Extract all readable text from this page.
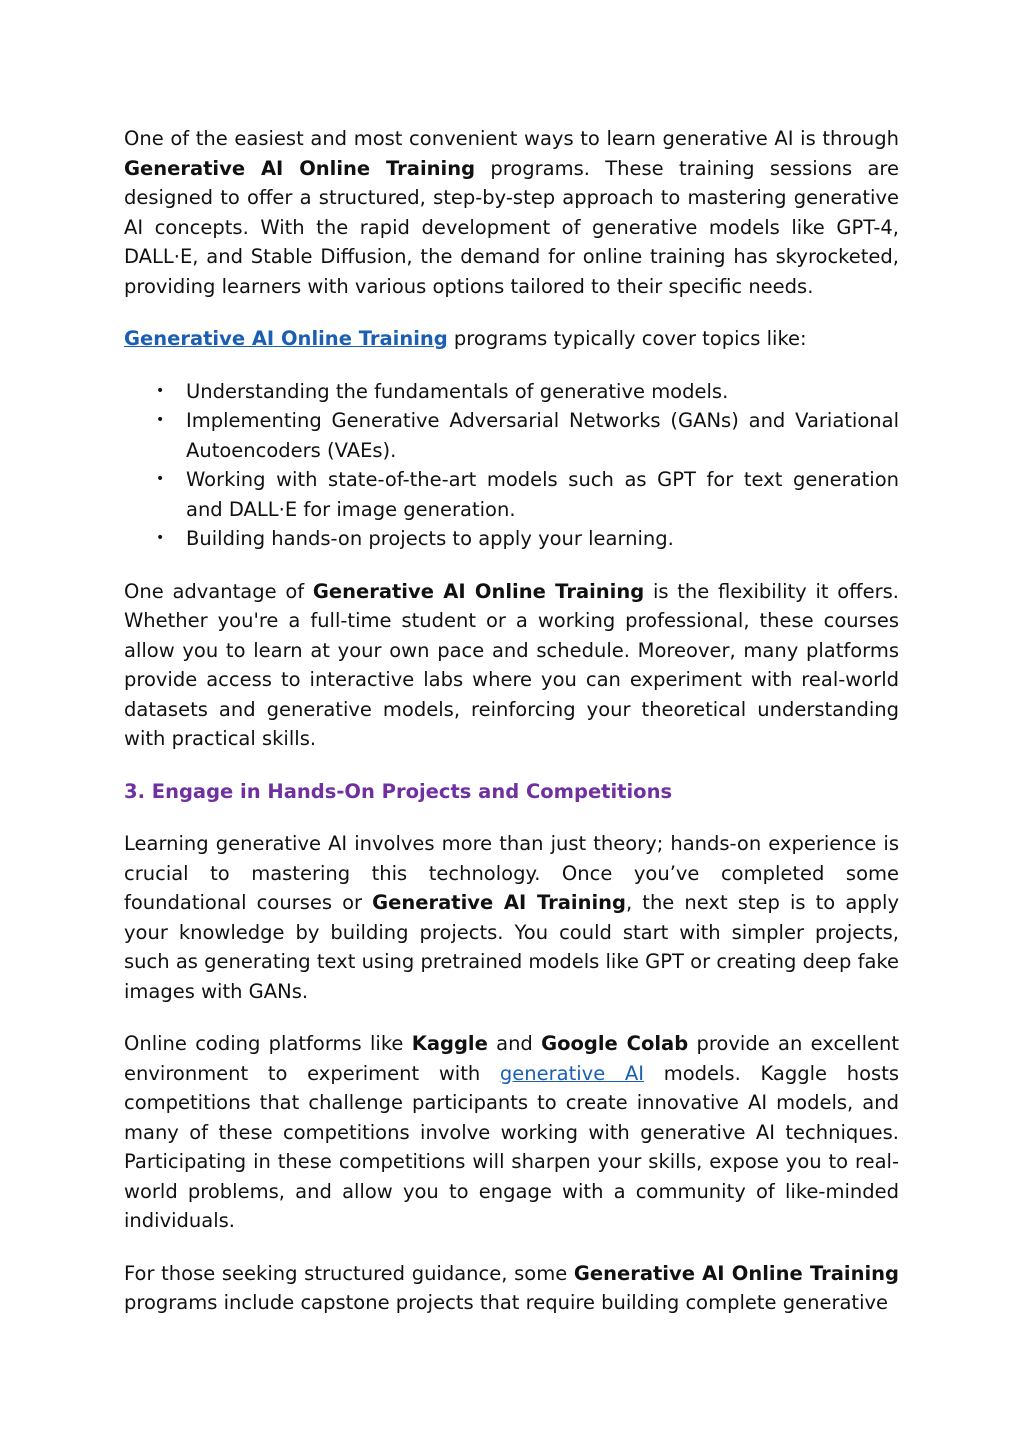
One of the easiest and most convenient ways to learn generative AI is through Generative AI Online Training programs. These training sessions are designed to offer a structured, step-by-step approach to mastering generative AI concepts. With the rapid development of generative models like GPT-4, DALL·E, and Stable Diffusion, the demand for online training has skyrocketed, providing learners with various options tailored to their specific needs.

Generative AI Online Training programs typically cover topics like:

• Understanding the fundamentals of generative models.
• Implementing Generative Adversarial Networks (GANs) and Variational Autoencoders (VAEs).
• Working with state-of-the-art models such as GPT for text generation and DALL·E for image generation.
• Building hands-on projects to apply your learning.

One advantage of Generative AI Online Training is the flexibility it offers. Whether you're a full-time student or a working professional, these courses allow you to learn at your own pace and schedule. Moreover, many platforms provide access to interactive labs where you can experiment with real-world datasets and generative models, reinforcing your theoretical understanding with practical skills.

3. Engage in Hands-On Projects and Competitions

Learning generative AI involves more than just theory; hands-on experience is crucial to mastering this technology. Once you’ve completed some foundational courses or Generative AI Training, the next step is to apply your knowledge by building projects. You could start with simpler projects, such as generating text using pretrained models like GPT or creating deep fake images with GANs.

Online coding platforms like Kaggle and Google Colab provide an excellent environment to experiment with generative AI models. Kaggle hosts competitions that challenge participants to create innovative AI models, and many of these competitions involve working with generative AI techniques. Participating in these competitions will sharpen your skills, expose you to real-world problems, and allow you to engage with a community of like-minded individuals.

For those seeking structured guidance, some Generative AI Online Training programs include capstone projects that require building complete generative
